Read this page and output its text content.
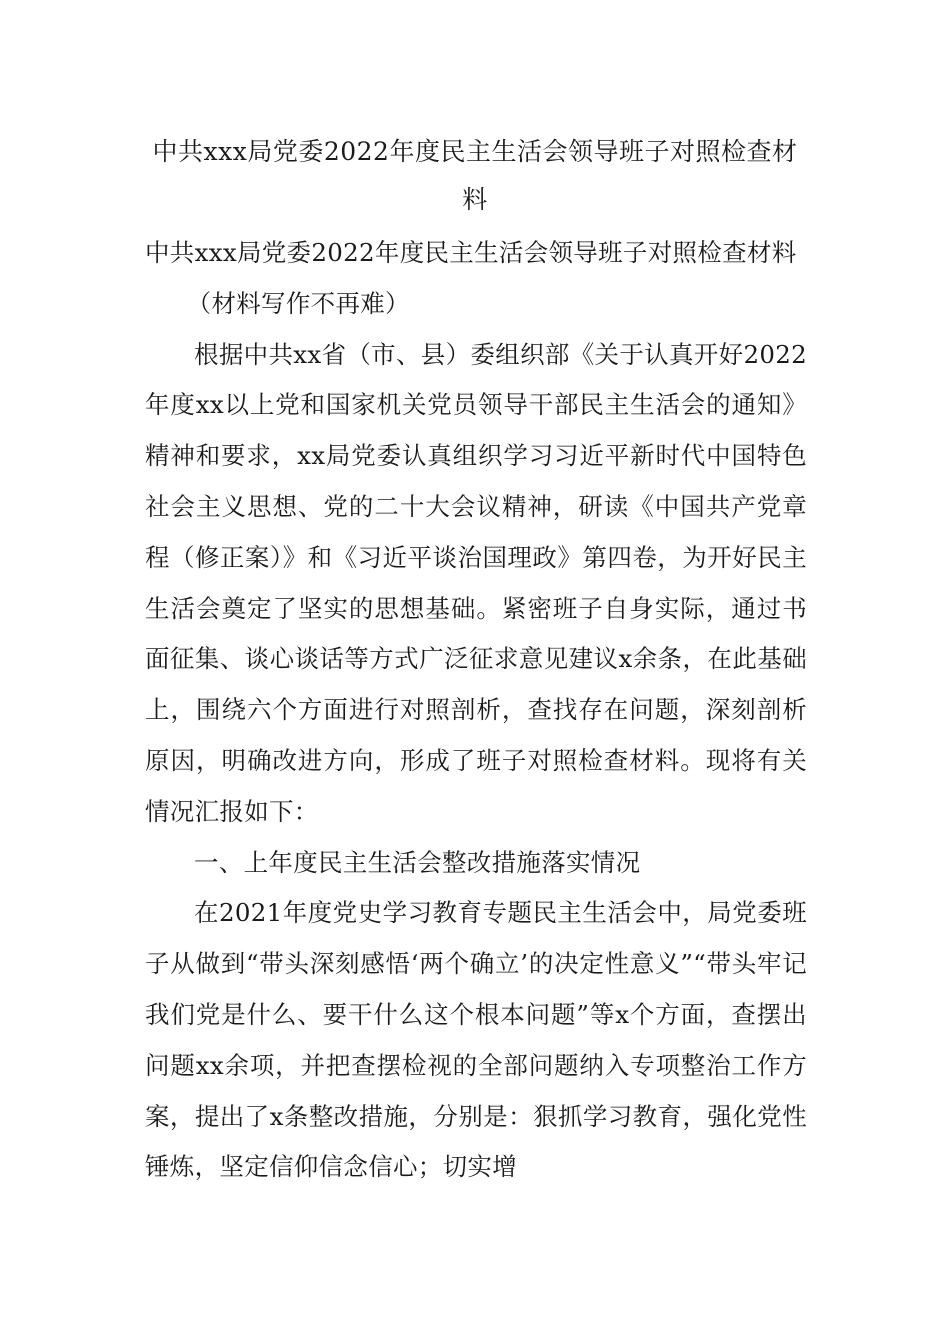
中共xxx局党委2022年度民主生活会领导班子对照检查材料

中共xxx局党委2022年度民主生活会领导班子对照检查材料

（材料写作不再难）

根据中共xx省（市、县）委组织部《关于认真开好2022年度xx以上党和国家机关党员领导干部民主生活会的通知》精神和要求，xx局党委认真组织学习习近平新时代中国特色社会主义思想、党的二十大会议精神，研读《中国共产党章程（修正案）》和《习近平谈治国理政》第四卷，为开好民主生活会奠定了坚实的思想基础。紧密班子自身实际，通过书面征集、谈心谈话等方式广泛征求意见建议x余条，在此基础上，围绕六个方面进行对照剖析，查找存在问题，深刻剖析原因，明确改进方向，形成了班子对照检查材料。现将有关情况汇报如下：

一、上年度民主生活会整改措施落实情况

在2021年度党史学习教育专题民主生活会中，局党委班子从做到“带头深刻感悟‘两个确立’的决定性意义”“带头牢记我们党是什么、要干什么这个根本问题”等x个方面，查摆出问题xx余项，并把查摆检视的全部问题纳入专项整治工作方案，提出了x条整改措施，分别是：狠抓学习教育，强化党性锤炼，坚定信仰信念信心；切实增
